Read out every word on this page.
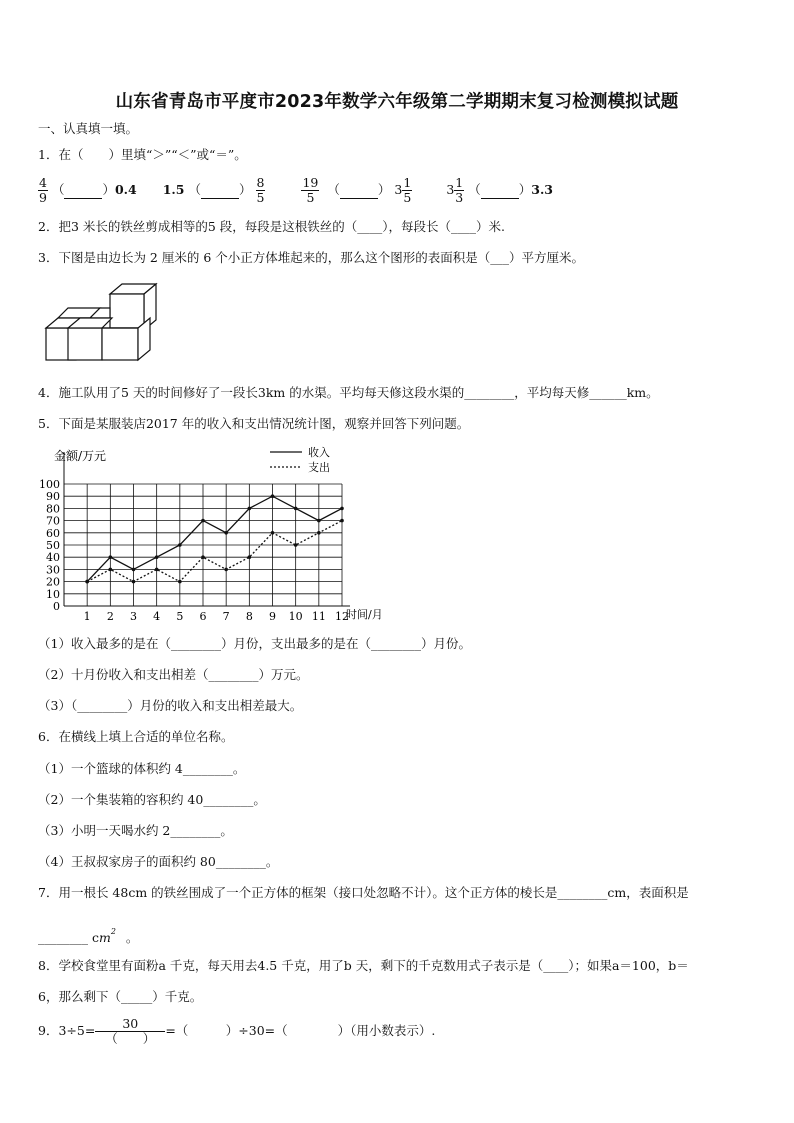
山东省青岛市平度市2023年数学六年级第二学期期末复习检测模拟试题
一、认真填一填。
1．在（　　）里填“＞”“＜”或“＝”。
$\frac{4}{9}$ （	） 0.4 1.5 （	） $\frac{8}{5}$	$\frac{19}{5}$ （	） $3 \frac{1}{5}$	$3 \frac{1}{3}$ （	） 3.3
2．把3 米长的铁丝剪成相等的5 段，每段是这根铁丝的（____），每段长（____）米.
3．下图是由边长为 2 厘米的 6 个小正方体堆起来的，那么这个图形的表面积是（___）平方厘米。
4．施工队用了5 天的时间修好了一段长3km 的水渠。平均每天修这段水渠的________，平均每天修______km。
5．下面是某服装店2017 年的收入和支出情况统计图，观察并回答下列问题。
0
10
20
30
40
50
60
70
80
90
100
1 2 3 4 5 6 7 8 9 10 11 12
金额/万元
时间/月
收入
支出
（1）收入最多的是在（________）月份，支出最多的是在（________）月份。
（2）十月份收入和支出相差（________）万元。
（3）（________）月份的收入和支出相差最大。
6．在横线上填上合适的单位名称。
（1）一个篮球的体积约 4________。
（2）一个集装箱的容积约 40________。
（3）小明一天喝水约 2________。
（4）王叔叔家房子的面积约 80________。
7．用一根长 48cm 的铁丝围成了一个正方体的框架（接口处忽略不计）。这个正方体的棱长是________cm，表面积是
________ $cm^2$ 。
8．学校食堂里有面粉a 千克，每天用去4.5 千克，用了b 天，剩下的千克数用式子表示是（____）；如果a＝100，b＝
6，那么剩下（_____）千克。
9．$3\div 5= \frac{30}{( )}$ =（　　　）÷30=（　　　　）（用小数表示）.
